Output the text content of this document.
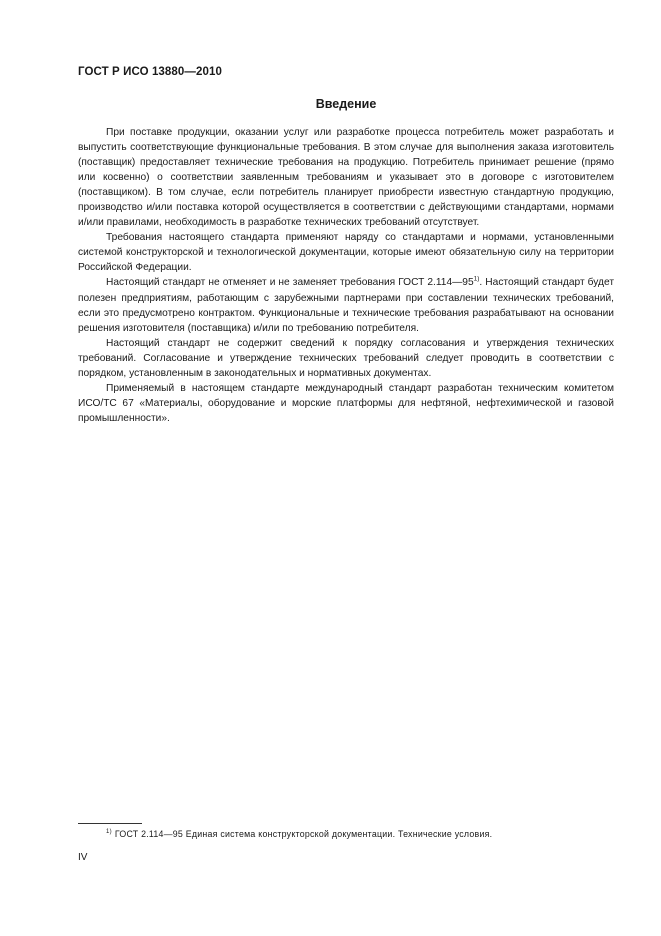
ГОСТ Р ИСО 13880—2010
Введение

При поставке продукции, оказании услуг или разработке процесса потребитель может разработать и выпустить соответствующие функциональные требования. В этом случае для выполнения заказа изготовитель (поставщик) предоставляет технические требования на продукцию. Потребитель принимает решение (прямо или косвенно) о соответствии заявленным требованиям и указывает это в договоре с изготовителем (поставщиком). В том случае, если потребитель планирует приобрести известную стандартную продукцию, производство и/или поставка которой осуществляется в соответствии с действующими стандартами, нормами и/или правилами, необходимость в разработке технических требований отсутствует.

Требования настоящего стандарта применяют наряду со стандартами и нормами, установленными системой конструкторской и технологической документации, которые имеют обязательную силу на территории Российской Федерации.

Настоящий стандарт не отменяет и не заменяет требования ГОСТ 2.114—95$^{1)}$. Настоящий стандарт будет полезен предприятиям, работающим с зарубежными партнерами при составлении технических требований, если это предусмотрено контрактом. Функциональные и технические требования разрабатывают на основании решения изготовителя (поставщика) и/или по требованию потребителя.

Настоящий стандарт не содержит сведений к порядку согласования и утверждения технических требований. Согласование и утверждение технических требований следует проводить в соответствии с порядком, установленным в законодательных и нормативных документах.

Применяемый в настоящем стандарте международный стандарт разработан техническим комитетом ИСО/ТС 67 «Материалы, оборудование и морские платформы для нефтяной, нефтехимической и газовой промышленности».

$^{1)}$ ГОСТ 2.114—95 Единая система конструкторской документации. Технические условия.
IV
